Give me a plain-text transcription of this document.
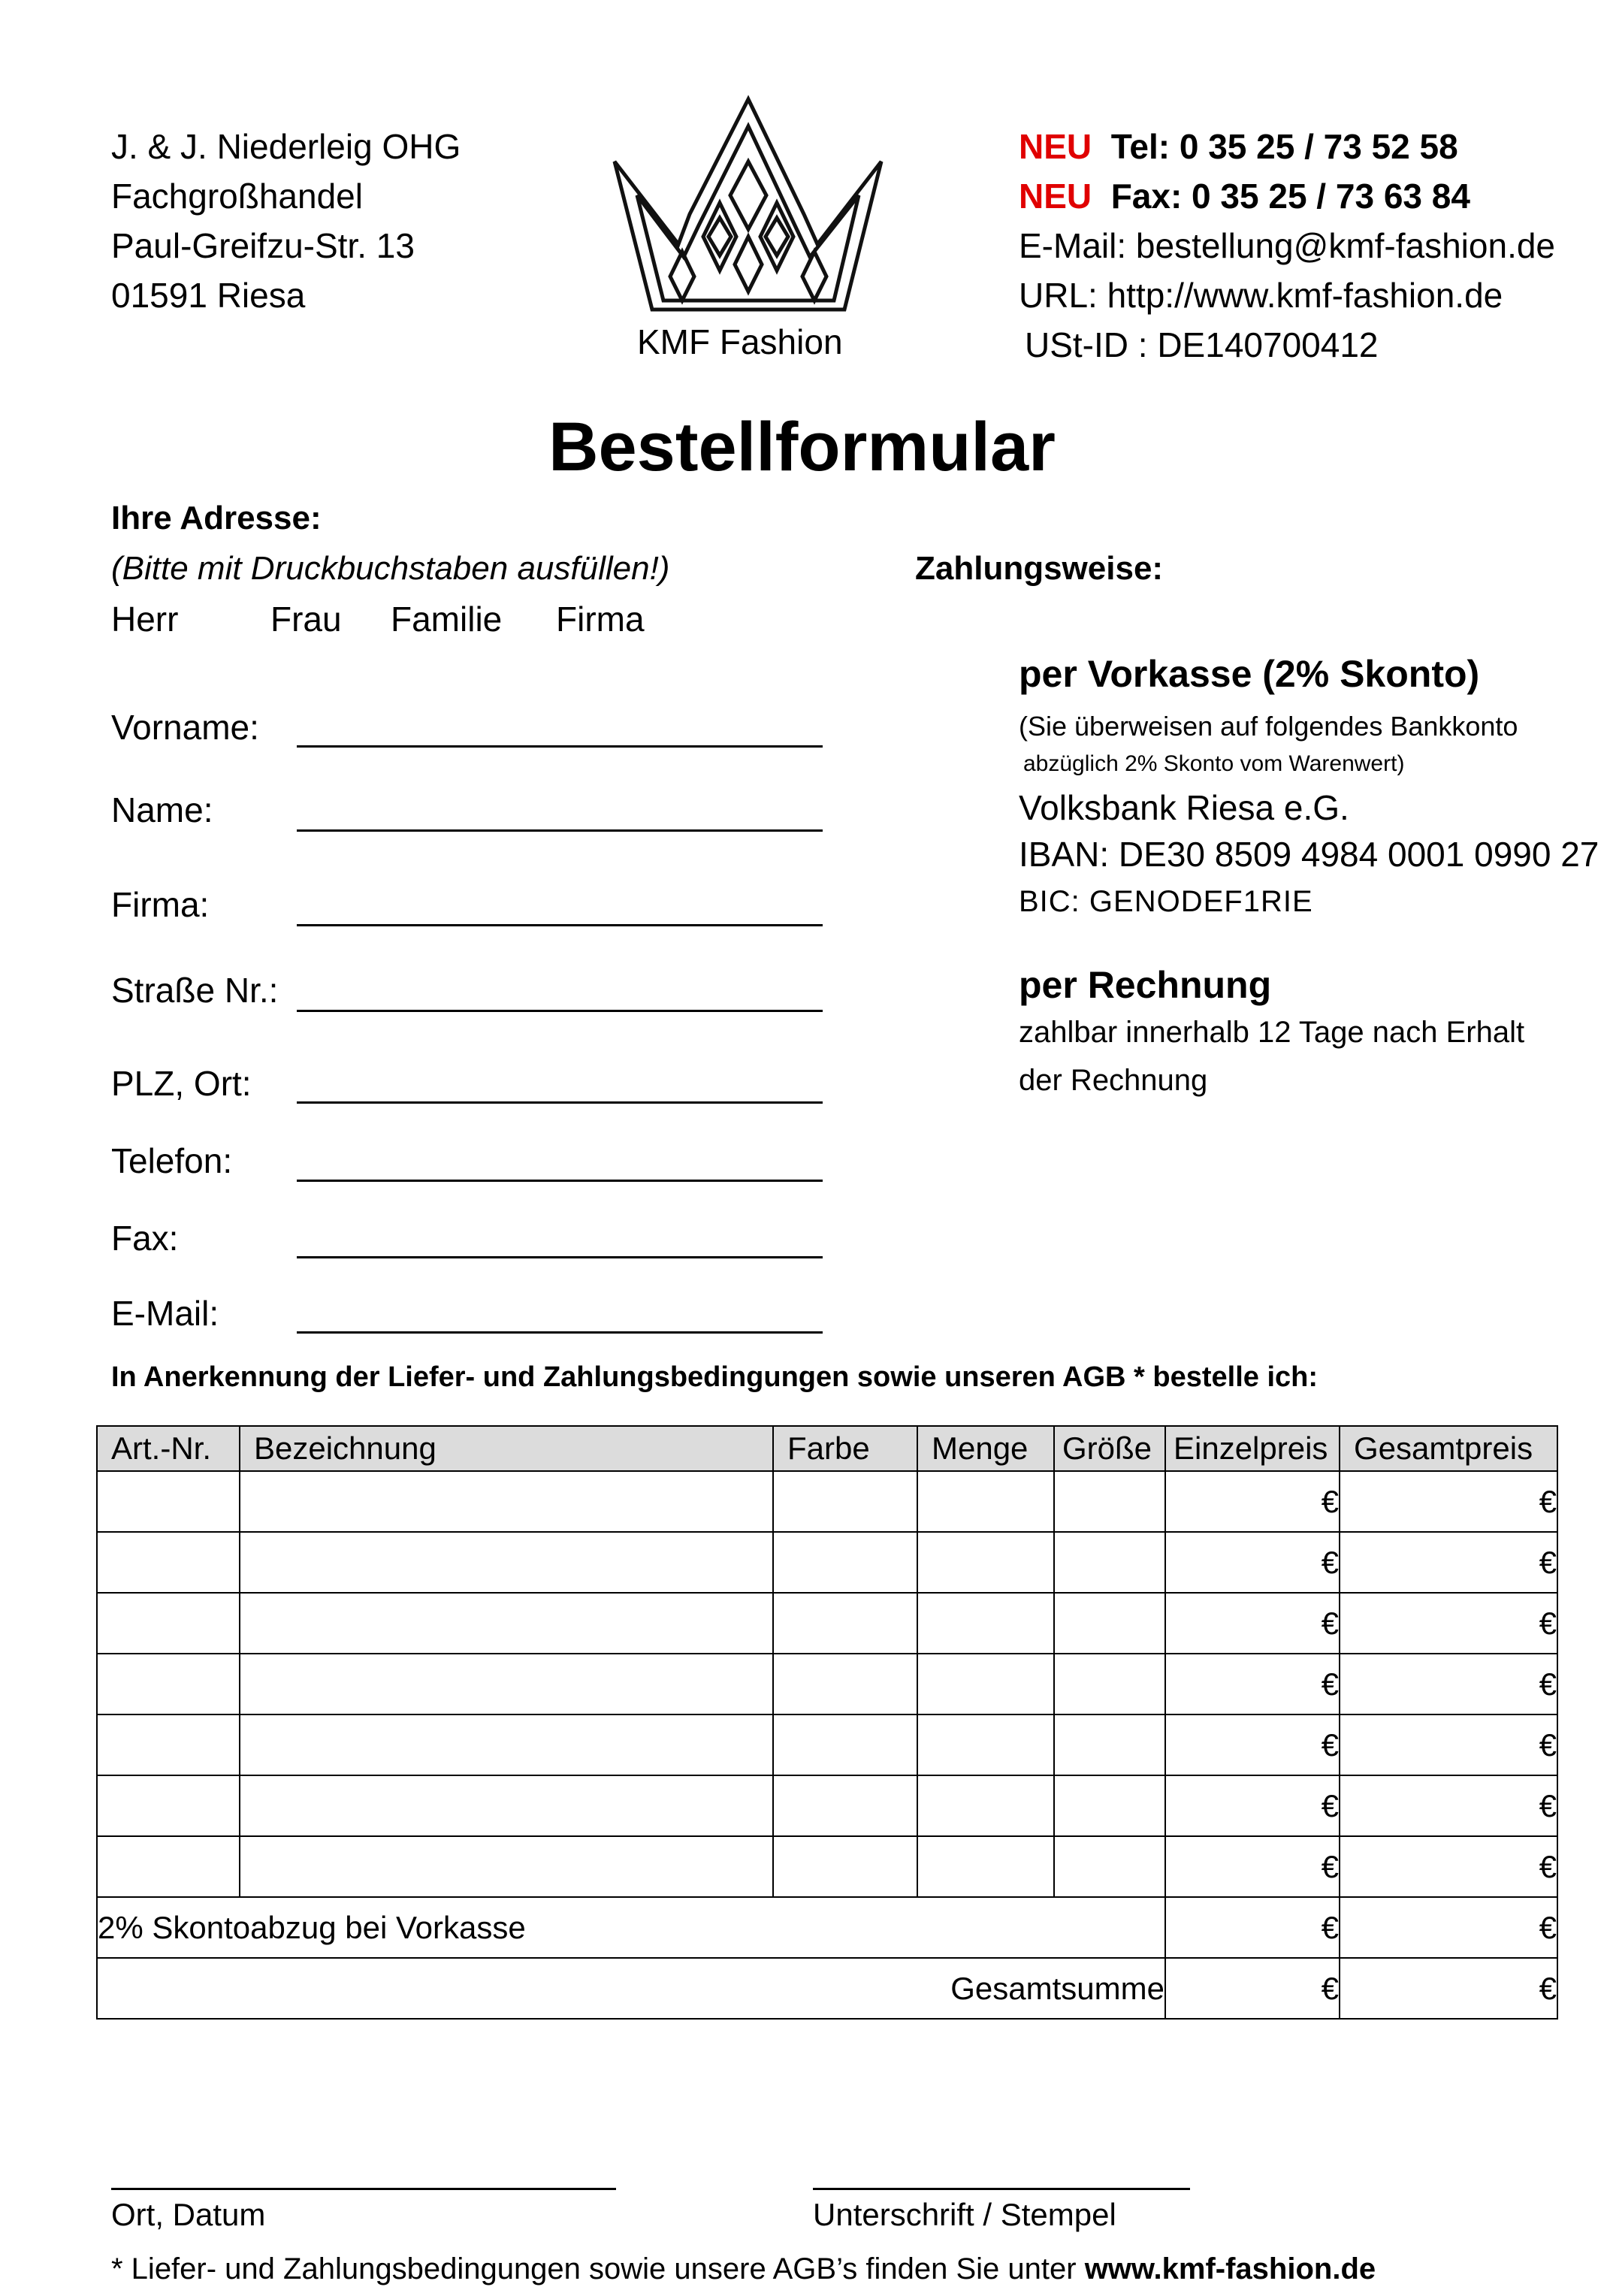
J. & J. Niederleig OHG
Fachgroßhandel
Paul-Greifzu-Str. 13
01591 Riesa
KMF Fashion
NEU Tel: 0 35 25 / 73 52 58
NEU Fax: 0 35 25 / 73 63 84
E-Mail: bestellung@kmf-fashion.de
URL: http://www.kmf-fashion.de
USt-ID : DE140700412
Bestellformular
Ihre Adresse:
(Bitte mit Druckbuchstaben ausfüllen!)
Herr	Frau Familie Firma
Vorname:
Name:
Firma:
Straße Nr.:
PLZ, Ort:
Telefon:
Fax:
E-Mail:
Zahlungsweise:
per Vorkasse (2% Skonto)
(Sie überweisen auf folgendes Bankkonto
abzüglich 2% Skonto vom Warenwert)
Volksbank Riesa e.G.
IBAN: DE30 8509 4984 0001 0990 27
BIC: GENODEF1RIE
per Rechnung
zahlbar innerhalb 12 Tage nach Erhalt
der Rechnung
In Anerkennung der Liefer- und Zahlungsbedingungen sowie unseren AGB * bestelle ich:
Art.-Nr.	Bezeichnung	Farbe	Menge	Größe	Einzelpreis	Gesamtpreis
					€	€
					€	€
					€	€
					€	€
					€	€
					€	€
					€	€
2% Skontoabzug bei Vorkasse					€	€
Gesamtsumme					€	€
Ort, Datum	Unterschrift / Stempel
* Liefer- und Zahlungsbedingungen sowie unsere AGB’s finden Sie unter www.kmf-fashion.de
